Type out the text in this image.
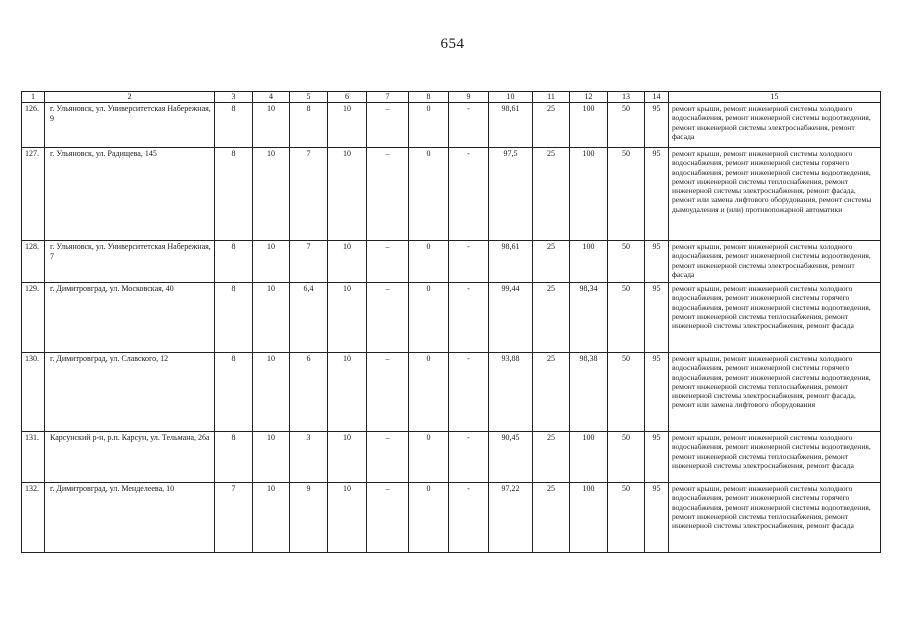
654
1	2	3	4	5	6	7	8	9	10	11	12	13	14	15
126.	г. Ульяновск, ул. Университетская Набережная, 9	8	10	8	10	–	0	-	98,61	25	100	50	95	ремонт крыши, ремонт инженерной системы холодного водоснабжения, ремонт инженерной системы водоотведения, ремонт инженерной системы электроснабжения, ремонт фасада
127.	г. Ульяновск, ул. Радищева, 145	8	10	7	10	–	0	-	97,5	25	100	50	95	ремонт крыши, ремонт инженерной системы холодного водоснабжения, ремонт инженерной системы горячего водоснабжения, ремонт инженерной системы водоотведения, ремонт инженерной системы теплоснабжения, ремонт инженерной системы электроснабжения, ремонт фасада, ремонт или замена лифтового оборудования, ремонт системы дымоудаления и (или) противопожарной автоматики
128.	г. Ульяновск, ул. Университетская Набережная, 7	8	10	7	10	–	0	-	98,61	25	100	50	95	ремонт крыши, ремонт инженерной системы холодного водоснабжения, ремонт инженерной системы водоотведения, ремонт инженерной системы электроснабжения, ремонт фасада
129.	г. Димитровград, ул. Московская, 40	8	10	6,4	10	–	0	-	99,44	25	98,34	50	95	ремонт крыши, ремонт инженерной системы холодного водоснабжения, ремонт инженерной системы горячего водоснабжения, ремонт инженерной системы водоотведения, ремонт инженерной системы теплоснабжения, ремонт инженерной системы электроснабжения, ремонт фасада
130.	г. Димитровград, ул. Славского, 12	8	10	6	10	–	0	-	93,88	25	98,38	50	95	ремонт крыши, ремонт инженерной системы холодного водоснабжения, ремонт инженерной системы горячего водоснабжения, ремонт инженерной системы водоотведения, ремонт инженерной системы теплоснабжения, ремонт инженерной системы электроснабжения, ремонт фасада, ремонт или замена лифтового оборудования
131.	Карсунский р-н, р.п. Карсун, ул. Тельмана, 26а	8	10	3	10	–	0	-	90,45	25	100	50	95	ремонт крыши, ремонт инженерной системы холодного водоснабжения, ремонт инженерной системы водоотведения, ремонт инженерной системы теплоснабжения, ремонт инженерной системы электроснабжения, ремонт фасада
132.	г. Димитровград, ул. Менделеева, 10	7	10	9	10	–	0	-	97,22	25	100	50	95	ремонт крыши, ремонт инженерной системы холодного водоснабжения, ремонт инженерной системы горячего водоснабжения, ремонт инженерной системы водоотведения, ремонт инженерной системы теплоснабжения, ремонт инженерной системы электроснабжения, ремонт фасада
